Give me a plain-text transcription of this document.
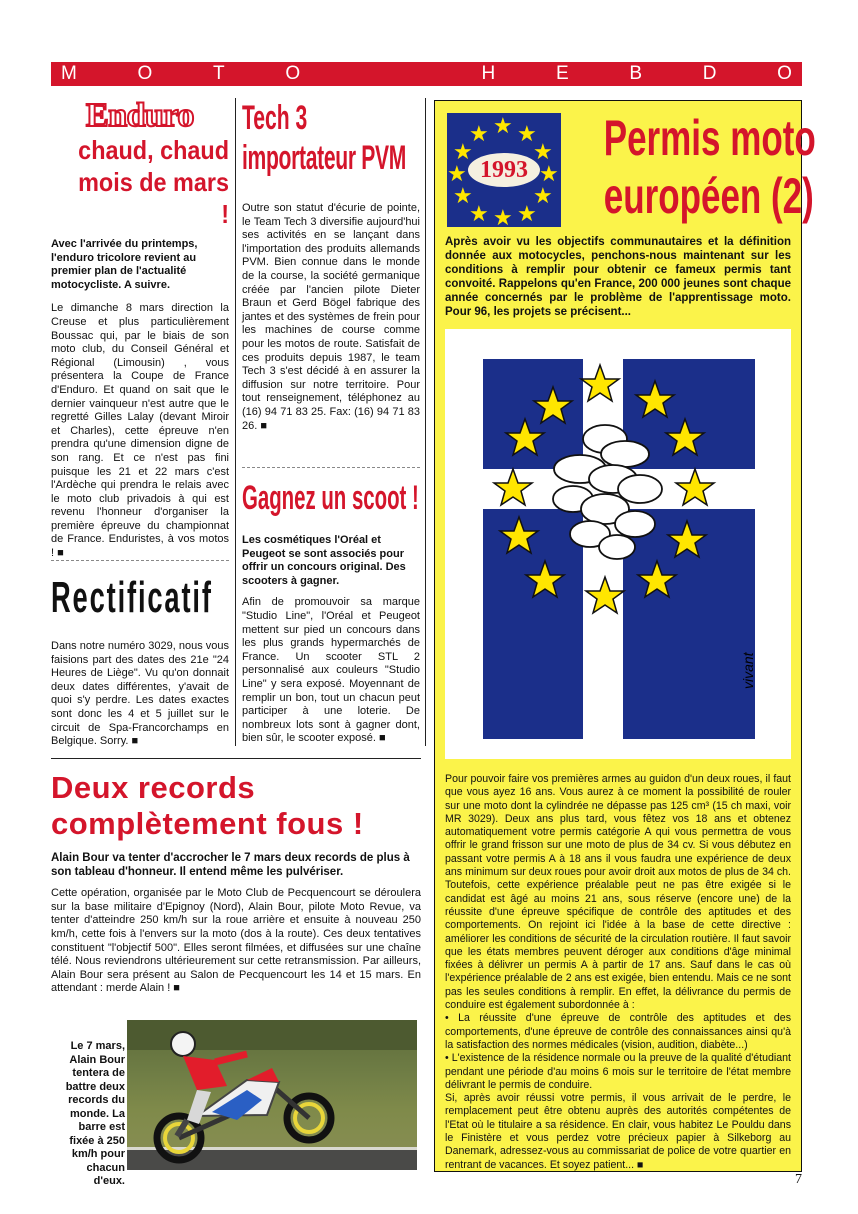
M	O	T	O	H	E	B	D	O
Enduro
chaud, chaud
mois de mars !
Avec l'arrivée du printemps, l'enduro tricolore revient au premier plan de l'actualité motocycliste. A suivre.
Le dimanche 8 mars direction la Creuse et plus particulièrement Boussac qui, par le biais de son moto club, du Conseil Général et Régional (Limousin) , vous présentera la Coupe de France d'Enduro. Et quand on sait que le dernier vainqueur n'est autre que le regretté Gilles Lalay (devant Miroir et Charles), cette épreuve n'en prendra qu'une dimension digne de son rang. Et ce n'est pas fini puisque les 21 et 22 mars c'est l'Ardèche qui prendra le relais avec le moto club privadois à qui est revenu l'honneur d'organiser la première épreuve du championnat de France. Enduristes, à vos motos ! ■
Tech 3
importateur PVM
Outre son statut d'écurie de pointe, le Team Tech 3 diversifie aujourd'hui ses activités en se lançant dans l'importation des produits allemands PVM. Bien connue dans le monde de la course, la société germanique créée par l'ancien pilote Dieter Braun et Gerd Bögel fabrique des jantes et des systèmes de frein pour les machines de course comme pour les motos de route. Satisfait de ces produits depuis 1987, le team Tech 3 s'est décidé à en assurer la diffusion sur notre territoire. Pour tout renseignement, téléphonez au (16) 94 71 83 25. Fax: (16) 94 71 83 26. ■
Gagnez un scoot !
Les cosmétiques l'Oréal et Peugeot se sont associés pour offrir un concours original. Des scooters à gagner.
Afin de promouvoir sa marque "Studio Line", l'Oréal et Peugeot mettent sur pied un concours dans les plus grands hypermarchés de France. Un scooter STL 2 personnalisé aux couleurs "Studio Line" y sera exposé. Moyennant de remplir un bon, tout un chacun peut participer à une loterie. De nombreux lots sont à gagner dont, bien sûr, le scooter exposé. ■
Rectificatif
Dans notre numéro 3029, nous vous faisions part des dates des 21e "24 Heures de Liège". Vu qu'on donnait deux dates différentes, y'avait de quoi s'y perdre. Les dates exactes sont donc les 4 et 5 juillet sur le circuit de Spa-Francorchamps en Belgique. Sorry. ■
Deux records
complètement fous !
Alain Bour va tenter d'accrocher le 7 mars deux records de plus à son tableau d'honneur. Il entend même les pulvériser.
Cette opération, organisée par le Moto Club de Pecquencourt se déroulera sur la base militaire d'Epignoy (Nord), Alain Bour, pilote Moto Revue, va tenter d'atteindre 250 km/h sur la roue arrière et ensuite à nouveau 250 km/h, cette fois à l'envers sur la moto (dos à la route). Ces deux tentatives constituent "l'objectif 500". Elles seront filmées, et diffusées sur une chaîne télé. Nous reviendrons ultérieurement sur cette retransmission. Par ailleurs, Alain Bour sera présent au Salon de Pecquencourt les 14 et 15 mars. En attendant : merde Alain ! ■
Le 7 mars, Alain Bour tentera de battre deux records du monde. La barre est fixée à 250 km/h pour chacun d'eux.
1993
★ ★
★
★
★
★
★
★
★
★
★
★ Permis moto
européen (2)
Après avoir vu les objectifs communautaires et la définition donnée aux motocycles, penchons-nous maintenant sur les conditions à remplir pour obtenir ce fameux permis tant convoité. Rappelons qu'en France, 200 000 jeunes sont chaque année concernés par le problème de l'apprentissage moto. Pour 96, les projets se précisent...
vivant
Pour pouvoir faire vos premières armes au guidon d'un deux roues, il faut que vous ayez 16 ans. Vous aurez à ce moment la possibilité de rouler sur une moto dont la cylindrée ne dépasse pas 125 cm³ (15 ch maxi, voir MR 3029). Deux ans plus tard, vous fêtez vos 18 ans et obtenez automatiquement votre permis catégorie A qui vous permettra de vous offrir le grand frisson sur une moto de plus de 34 cv. Si vous débutez en passant votre permis A à 18 ans il vous faudra une expérience de deux ans minimum sur deux roues pour avoir droit aux motos de plus de 34 ch. Toutefois, cette expérience préalable peut ne pas être exigée si le candidat est âgé au moins 21 ans, sous réserve (encore une) de la réussite d'une épreuve spécifique de contrôle des aptitudes et des comportements. On rejoint ici l'idée à la base de cette directive : améliorer les conditions de sécurité de la circulation routière. Il faut savoir que les états membres peuvent déroger aux conditions d'âge minimal fixées à délivrer un permis A à partir de 17 ans. Sauf dans le cas où l'expérience préalable de 2 ans est exigée, bien entendu. Mais ce ne sont pas les seules conditions à remplir. En effet, la délivrance du permis de conduire est également subordonnée à :
• La réussite d'une épreuve de contrôle des aptitudes et des comportements, d'une épreuve de contrôle des connaissances ainsi qu'à la satisfaction des normes médicales (vision, audition, diabète...)
• L'existence de la résidence normale ou la preuve de la qualité d'étudiant pendant une période d'au moins 6 mois sur le territoire de l'état membre délivrant le permis de conduire.
Si, après avoir réussi votre permis, il vous arrivait de le perdre, le remplacement peut être obtenu auprès des autorités compétentes de l'Etat où le titulaire a sa résidence. En clair, vous habitez Le Pouldu dans le Finistère et vous perdez votre précieux papier à Silkeborg au Danemark, adressez-vous au commissariat de police de votre quartier en rentrant de vacances. Et soyez patient... ■
7
